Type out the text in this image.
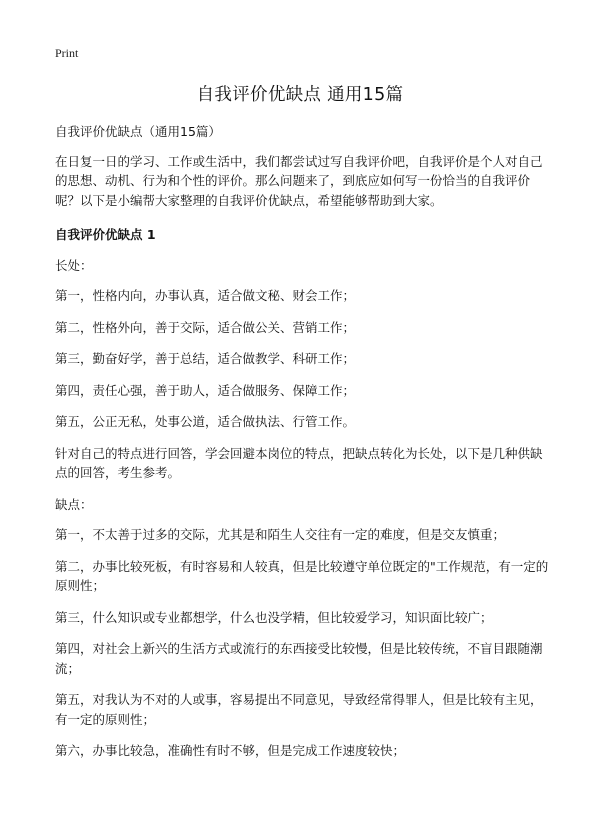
Print
自我评价优缺点 通用15篇

自我评价优缺点（通用15篇）

在日复一日的学习、工作或生活中，我们都尝试过写自我评价吧，自我评价是个人对自己的思想、动机、行为和个性的评价。那么问题来了，到底应如何写一份恰当的自我评价呢？以下是小编帮大家整理的自我评价优缺点，希望能够帮助到大家。

自我评价优缺点 1

长处：

第一，性格内向，办事认真，适合做文秘、财会工作；

第二，性格外向，善于交际，适合做公关、营销工作；

第三，勤奋好学，善于总结，适合做教学、科研工作；

第四，责任心强，善于助人，适合做服务、保障工作；

第五，公正无私，处事公道，适合做执法、行管工作。

针对自己的特点进行回答，学会回避本岗位的特点，把缺点转化为长处，以下是几种供缺点的回答，考生参考。

缺点：

第一，不太善于过多的交际，尤其是和陌生人交往有一定的难度，但是交友慎重；

第二，办事比较死板，有时容易和人较真，但是比较遵守单位既定的"工作规范，有一定的原则性；

第三，什么知识或专业都想学，什么也没学精，但比较爱学习，知识面比较广；

第四，对社会上新兴的生活方式或流行的东西接受比较慢，但是比较传统，不盲目跟随潮流；

第五，对我认为不对的人或事，容易提出不同意见，导致经常得罪人，但是比较有主见，有一定的原则性；

第六，办事比较急，准确性有时不够，但是完成工作速度较快；
